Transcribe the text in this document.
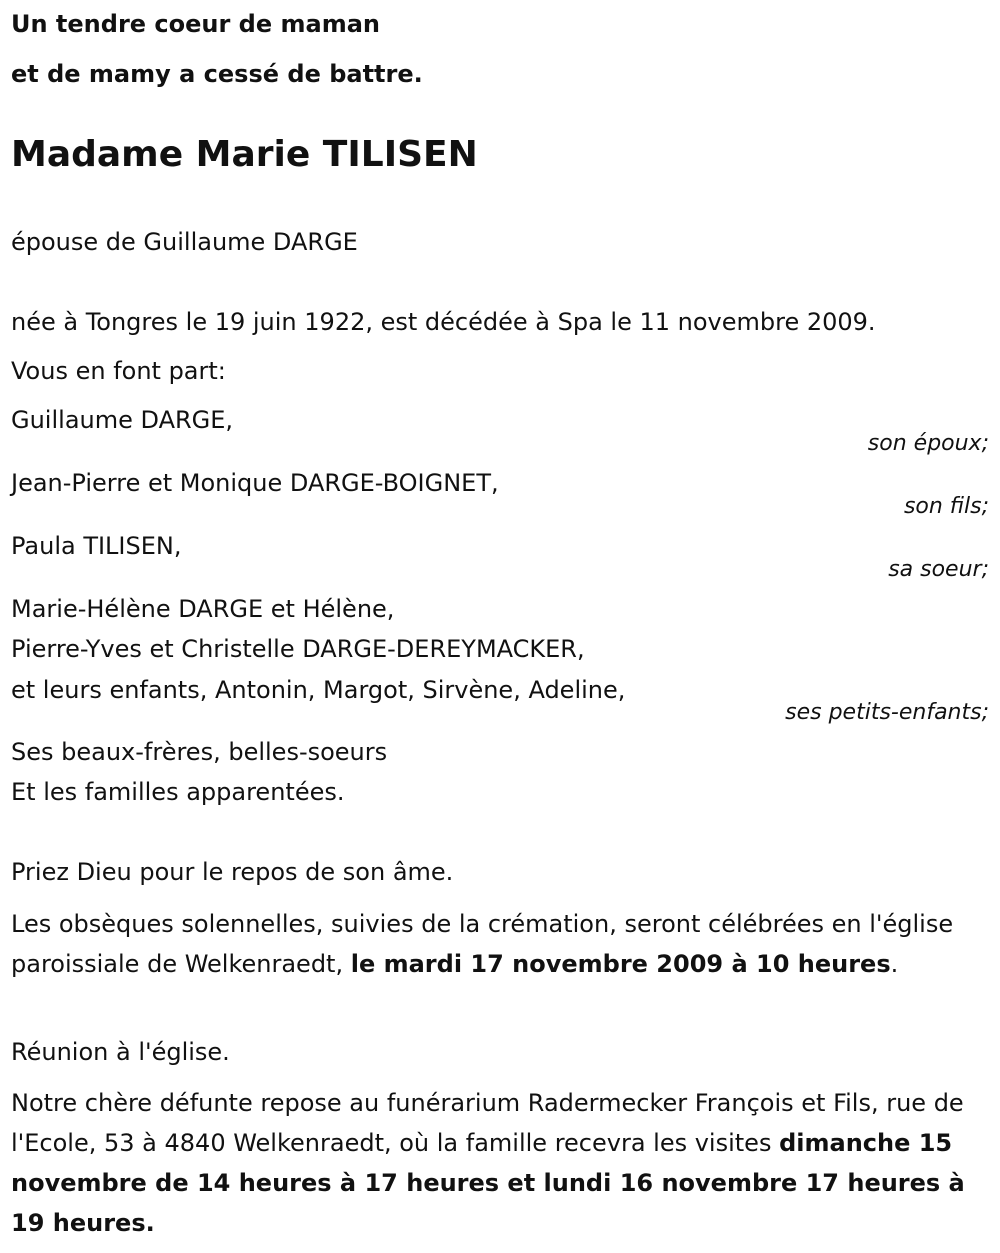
Un tendre coeur de maman
et de mamy a cessé de battre.
Madame Marie TILISEN
épouse de Guillaume DARGE
née à Tongres le 19 juin 1922, est décédée à Spa le 11 novembre 2009.
Vous en font part:
Guillaume DARGE,
son époux;
Jean-Pierre et Monique DARGE-BOIGNET,
son fils;
Paula TILISEN,
sa soeur;
Marie-Hélène DARGE et Hélène,
Pierre-Yves et Christelle DARGE-DEREYMACKER,
et leurs enfants, Antonin, Margot, Sirvène, Adeline,
ses petits-enfants;
Ses beaux-frères, belles-soeurs
Et les familles apparentées.
Priez Dieu pour le repos de son âme.
Les obsèques solennelles, suivies de la crémation, seront célébrées en l'église paroissiale de Welkenraedt, le mardi 17 novembre 2009 à 10 heures.
Réunion à l'église.
Notre chère défunte repose au funérarium Radermecker François et Fils, rue de l'Ecole, 53 à 4840 Welkenraedt, où la famille recevra les visites dimanche 15 novembre de 14 heures à 17 heures et lundi 16 novembre 17 heures à 19 heures.
